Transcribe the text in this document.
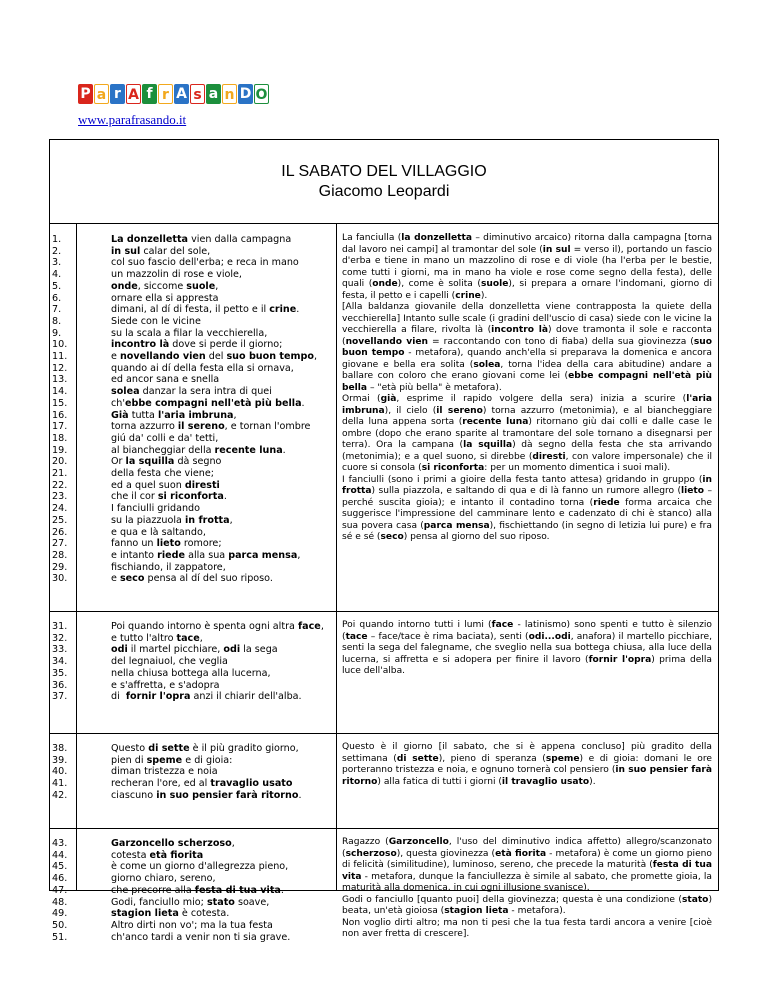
P a r A f r A s a n D O
www.parafrasando.it
IL SABATO DEL VILLAGGIO
Giacomo Leopardi
1.
2.
3.
4.
5.
6.
7.
8.
9.
10.
11.
12.
13.
14.
15.
16.
17.
18.
19.
20.
21.
22.
23.
24.
25.
26.
27.
28.
29.
30.
La donzelletta vien dalla campagna
in sul calar del sole,
col suo fascio dell'erba; e reca in mano
un mazzolin di rose e viole,
onde, siccome suole,
ornare ella si appresta
dimani, al dí di festa, il petto e il crine.
Siede con le vicine
su la scala a filar la vecchierella,
incontro là dove si perde il giorno;
e novellando vien del suo buon tempo,
quando ai dí della festa ella si ornava,
ed ancor sana e snella
solea danzar la sera intra di quei
ch'ebbe compagni nell'età più bella.
Già tutta l'aria imbruna,
torna azzurro il sereno, e tornan l'ombre
giú da' colli e da' tetti,
al biancheggiar della recente luna.
Or la squilla dà segno
della festa che viene;
ed a quel suon diresti
che il cor si riconforta.
I fanciulli gridando
su la piazzuola in frotta,
e qua e là saltando,
fanno un lieto romore;
e intanto riede alla sua parca mensa,
fischiando, il zappatore,
e seco pensa al dí del suo riposo.

La fanciulla (la donzelletta – diminutivo arcaico) ritorna dalla campagna [torna dal lavoro nei campi] al tramontar del sole (in sul = verso il), portando un fascio d'erba e tiene in mano un mazzolino di rose e di viole (ha l'erba per le bestie, come tutti i giorni, ma in mano ha viole e rose come segno della festa), delle quali (onde), come è solita (suole), si prepara a ornare l'indomani, giorno di festa, il petto e i capelli (crine).

[Alla baldanza giovanile della donzelletta viene contrapposta la quiete della vecchierella] Intanto sulle scale (i gradini dell'uscio di casa) siede con le vicine la vecchierella a filare, rivolta là (incontro là) dove tramonta il sole e racconta (novellando vien = raccontando con tono di fiaba) della sua giovinezza (suo buon tempo - metafora), quando anch'ella si preparava la domenica e ancora giovane e bella era solita (solea, torna l'idea della cara abitudine) andare a ballare con coloro che erano giovani come lei (ebbe compagni nell'età più bella – "età più bella" è metafora).

Ormai (già, esprime il rapido volgere della sera) inizia a scurire (l'aria imbruna), il cielo (il sereno) torna azzurro (metonimia), e al biancheggiare della luna appena sorta (recente luna) ritornano giù dai colli e dalle case le ombre (dopo che erano sparite al tramontare del sole tornano a disegnarsi per terra). Ora la campana (la squilla) dà segno della festa che sta arrivando (metonimia); e a quel suono, si direbbe (diresti, con valore impersonale) che il cuore si consola (si riconforta: per un momento dimentica i suoi mali).

I fanciulli (sono i primi a gioire della festa tanto attesa) gridando in gruppo (in frotta) sulla piazzola, e saltando di qua e di là fanno un rumore allegro (lieto – perché suscita gioia); e intanto il contadino torna (riede forma arcaica che suggerisce l'impressione del camminare lento e cadenzato di chi è stanco) alla sua povera casa (parca mensa), fischiettando (in segno di letizia lui pure) e fra sé e sé (seco) pensa al giorno del suo riposo.

31.
32.
33.
34.
35.
36.
37.
Poi quando intorno è spenta ogni altra face,
e tutto l'altro tace,
odi il martel picchiare, odi la sega
del legnaiuol, che veglia
nella chiusa bottega alla lucerna,
e s'affretta, e s'adopra
di  fornir l'opra anzi il chiarir dell'alba.

Poi quando intorno tutti i lumi (face - latinismo) sono spenti e tutto è silenzio (tace – face/tace è rima baciata), senti (odi...odi, anafora) il martello picchiare, senti la sega del falegname, che sveglio nella sua bottega chiusa, alla luce della lucerna, si affretta e si adopera per finire il lavoro (fornir l'opra) prima della luce dell'alba.

38.
39.
40.
41.
42.
Questo di sette è il più gradito giorno,
pien di speme e di gioia:
diman tristezza e noia
recheran l'ore, ed al travaglio usato
ciascuno in suo pensier farà ritorno.

Questo è il giorno [il sabato, che si è appena concluso] più gradito della settimana (di sette), pieno di speranza (speme) e di gioia: domani le ore porteranno tristezza e noia, e ognuno tornerà col pensiero (in suo pensier farà ritorno) alla fatica di tutti i giorni (il travaglio usato).

43.
44.
45.
46.
47.
48.
49.
50.
51.
Garzoncello scherzoso,
cotesta età fiorita
è come un giorno d'allegrezza pieno,
giorno chiaro, sereno,
che precorre alla festa di tua vita.
Godi, fanciullo mio; stato soave,
stagion lieta è cotesta.
Altro dirti non vo'; ma la tua festa
ch'anco tardi a venir non ti sia grave.

Ragazzo (Garzoncello, l'uso del diminutivo indica affetto) allegro/scanzonato (scherzoso), questa giovinezza (età fiorita - metafora) è come un giorno pieno di felicità (similitudine), luminoso, sereno, che precede la maturità (festa di tua vita - metafora, dunque la fanciullezza è simile al sabato, che promette gioia, la maturità alla domenica, in cui ogni illusione svanisce).

Godi o fanciullo [quanto puoi] della giovinezza; questa è una condizione (stato) beata, un'età gioiosa (stagion lieta - metafora).

Non voglio dirti altro; ma non ti pesi che la tua festa tardi ancora a venire [cioè non aver fretta di crescere].
